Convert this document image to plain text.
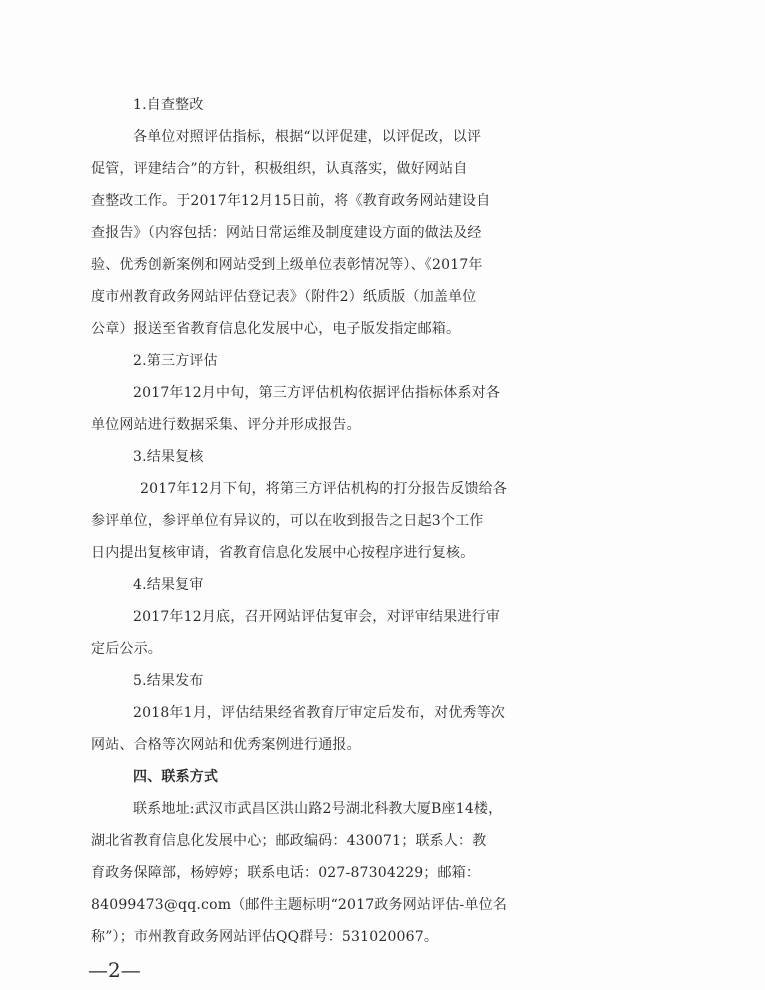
1.自查整改
各单位对照评估指标，根据“以评促建，以评促改，以评
促管，评建结合”的方针，积极组织，认真落实，做好网站自
查整改工作。于2017年12月15日前，将《教育政务网站建设自
查报告》（内容包括：网站日常运维及制度建设方面的做法及经
验、优秀创新案例和网站受到上级单位表彰情况等）、《2017年
度市州教育政务网站评估登记表》（附件2）纸质版（加盖单位
公章）报送至省教育信息化发展中心，电子版发指定邮箱。
2.第三方评估
2017年12月中旬，第三方评估机构依据评估指标体系对各
单位网站进行数据采集、评分并形成报告。
3.结果复核
2017年12月下旬，将第三方评估机构的打分报告反馈给各
参评单位，参评单位有异议的，可以在收到报告之日起3个工作
日内提出复核审请，省教育信息化发展中心按程序进行复核。
4.结果复审
2017年12月底，召开网站评估复审会，对评审结果进行审
定后公示。
5.结果发布
2018年1月，评估结果经省教育厅审定后发布，对优秀等次
网站、合格等次网站和优秀案例进行通报。
四、联系方式
联系地址:武汉市武昌区洪山路2号湖北科教大厦B座14楼，
湖北省教育信息化发展中心；邮政编码：430071；联系人：教
育政务保障部，杨婷婷；联系电话：027-87304229；邮箱：
84099473@qq.com（邮件主题标明“2017政务网站评估-单位名
称”）；市州教育政务网站评估QQ群号：531020067。
—2—
